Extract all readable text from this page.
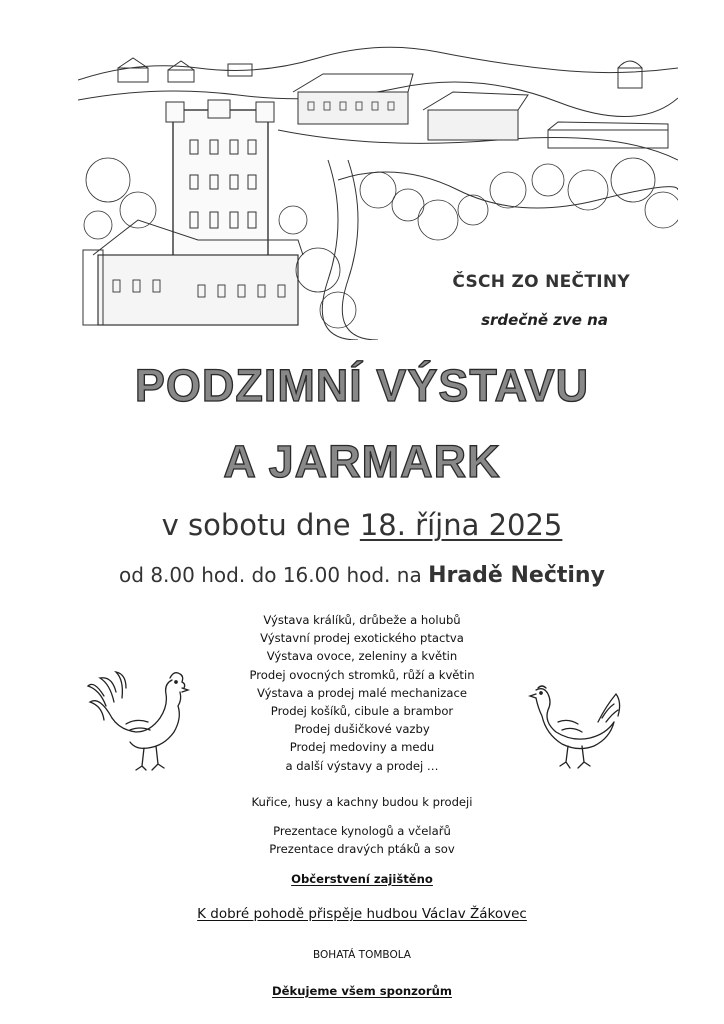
ČSCH ZO NEČTINY
srdečně zve na
PODZIMNÍ VÝSTAVU
A JARMARK
v sobotu dne 18. října 2025
od 8.00 hod. do 16.00 hod. na Hradě Nečtiny
Výstava králíků, drůbeže a holubů
Výstavní prodej exotického ptactva
Výstava ovoce, zeleniny a květin
Prodej ovocných stromků, růží a květin
Výstava a prodej malé mechanizace
Prodej košíků, cibule a brambor
Prodej dušičkové vazby
Prodej medoviny a medu
a další výstavy a prodej …
Kuřice, husy a kachny budou k prodeji
Prezentace kynologů a včelařů
Prezentace dravých ptáků a sov
Občerstvení zajištěno
K dobré pohodě přispěje hudbou Václav Žákovec
BOHATÁ TOMBOLA
Děkujeme všem sponzorům
